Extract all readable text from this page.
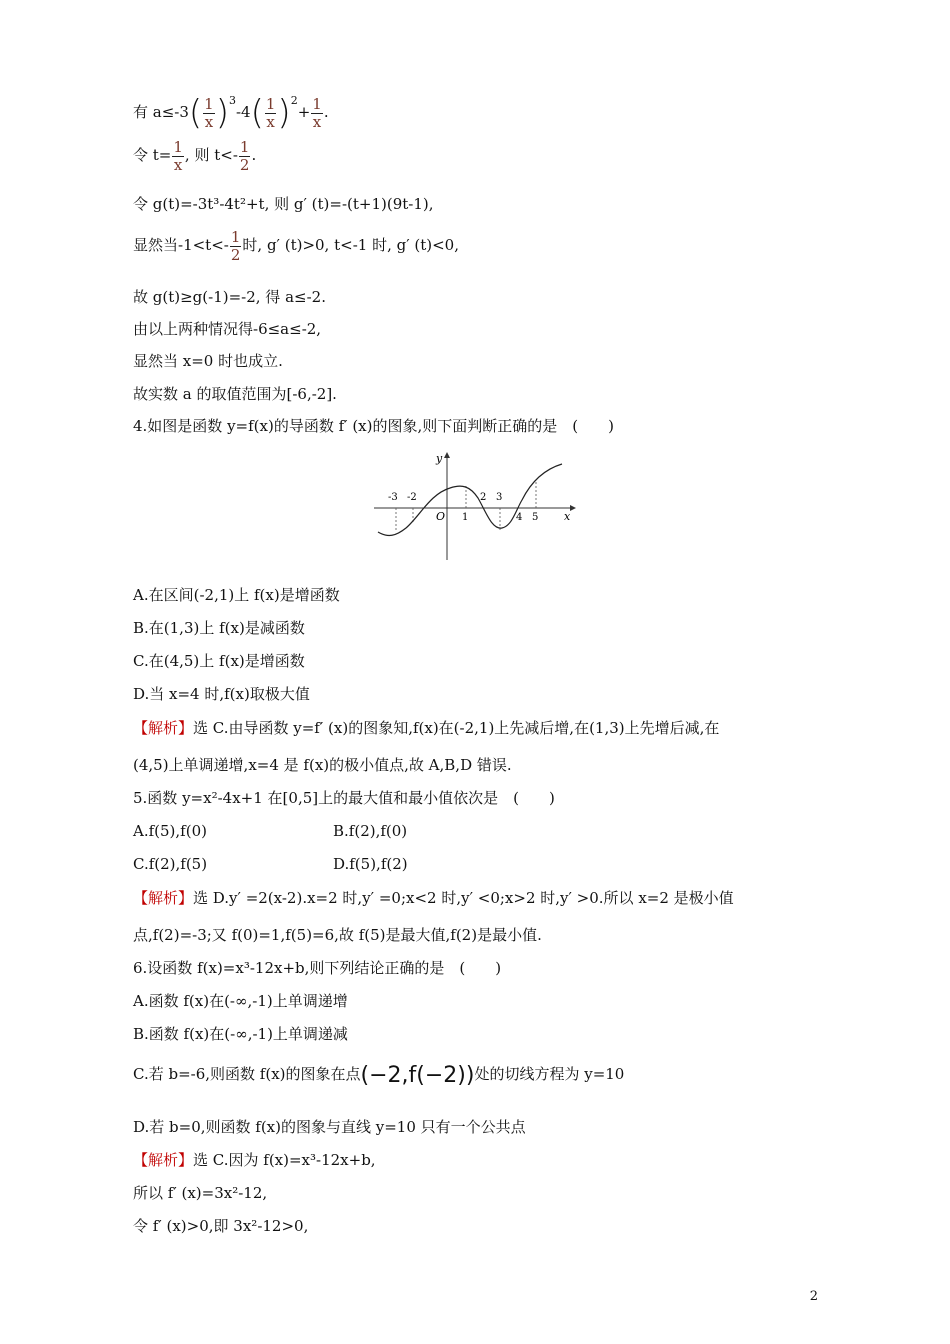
有 $a\le-3( \frac{1}{x} )^3-4( \frac{1}{x} )^2+ \frac{1}{x}$ .
令 $t= \frac{1}{x}$ , 则 $t<- \frac{1}{2}$ .
令 g(t)=-3t³-4t²+t, 则 g′ (t)=-(t+1)(9t-1),
显然当$-1<t<- \frac{1}{2}$ 时, g′ (t)>0, t<-1 时, g′ (t)<0,
故 g(t)≥g(-1)=-2, 得 a≤-2.
由以上两种情况得-6≤a≤-2,
显然当 x=0 时也成立.
故实数 a 的取值范围为[-6,-2].
4.如图是函数 y=f(x)的导函数 f′ (x)的图象,则下面判断正确的是　(　　)
y
x
O
-3 -2
1
2 3
4 5
A.在区间(-2,1)上 f(x)是增函数
B.在(1,3)上 f(x)是减函数
C.在(4,5)上 f(x)是增函数
D.当 x=4 时,f(x)取极大值
【解析】选 C.由导函数 y=f′ (x)的图象知,f(x)在(-2,1)上先减后增,在(1,3)上先增后减,在
(4,5)上单调递增,x=4 是 f(x)的极小值点,故 A,B,D 错误.
5.函数 y=x²-4x+1 在[0,5]上的最大值和最小值依次是　(　　)
A.f(5),f(0)	B.f(2),f(0)
C.f(2),f(5)	D.f(5),f(2)
【解析】选 D.y′ =2(x-2).x=2 时,y′ =0;x<2 时,y′ <0;x>2 时,y′ >0.所以 x=2 是极小值
点,f(2)=-3;又 f(0)=1,f(5)=6,故 f(5)是最大值,f(2)是最小值.
6.设函数 f(x)=x³-12x+b,则下列结论正确的是　(　　)
A.函数 f(x)在(-∞,-1)上单调递增
B.函数 f(x)在(-∞,-1)上单调递减
C.若 b=-6,则函数 f(x)的图象在点(−2,f(−2))处的切线方程为 y=10
D.若 b=0,则函数 f(x)的图象与直线 y=10 只有一个公共点
【解析】选 C.因为 f(x)=x³-12x+b,
所以 f′ (x)=3x²-12,
令 f′ (x)>0,即 3x²-12>0,
2
